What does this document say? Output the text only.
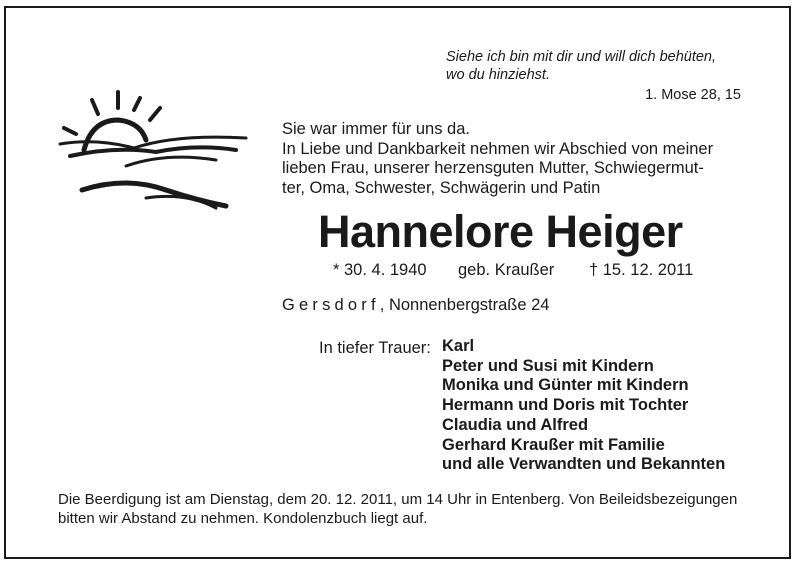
Siehe ich bin mit dir und will dich behüten,
wo du hinziehst.
1. Mose 28, 15
Sie war immer für uns da.
In Liebe und Dankbarkeit nehmen wir Abschied von meiner
lieben Frau, unserer herzensguten Mutter, Schwiegermut-
ter, Oma, Schwester, Schwägerin und Patin
Hannelore Heiger
* 30. 4. 1940 geb. Kraußer † 15. 12. 2011
Gersdorf, Nonnenbergstraße 24
In tiefer Trauer: Karl
Peter und Susi mit Kindern
Monika und Günter mit Kindern
Hermann und Doris mit Tochter
Claudia und Alfred
Gerhard Kraußer mit Familie
und alle Verwandten und Bekannten
Die Beerdigung ist am Dienstag, dem 20. 12. 2011, um 14 Uhr in Entenberg. Von Beileidsbezeigungen bitten wir Abstand zu nehmen. Kondolenzbuch liegt auf.
